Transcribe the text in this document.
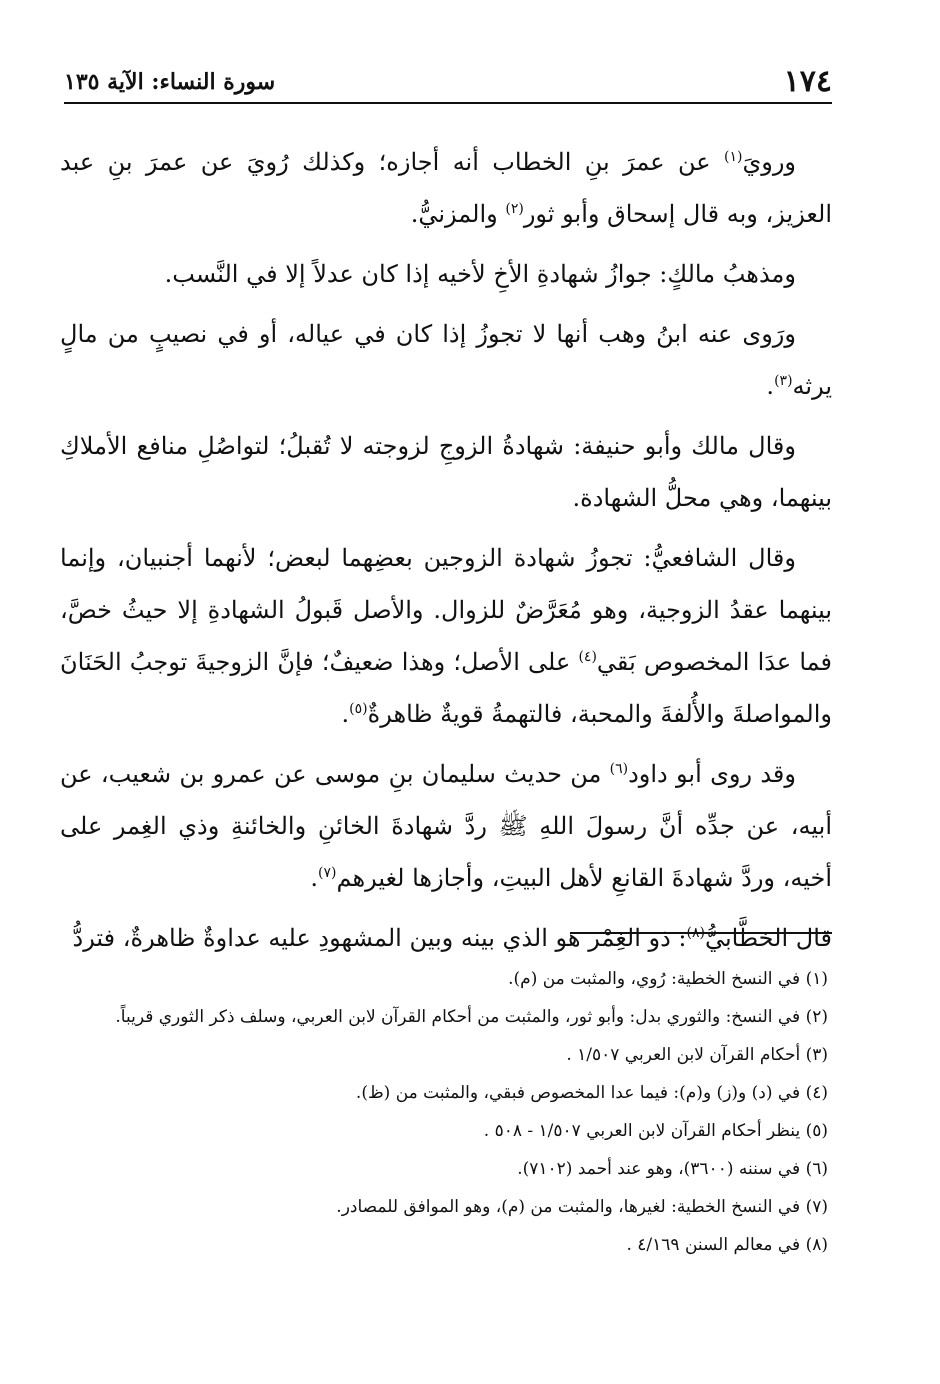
١٧٤
سورة النساء: الآية ١٣٥

ورويَ$^{(١)}$ عن عمرَ بنِ الخطاب أنه أجازه؛ وكذلك رُويَ عن عمرَ بنِ عبد العزيز، وبه قال إسحاق وأبو ثور$^{(٢)}$ والمزنيُّ.

ومذهبُ مالكٍ: جوازُ شهادةِ الأخِ لأخيه إذا كان عدلاً إلا في النَّسب.

ورَوى عنه ابنُ وهب أنها لا تجوزُ إذا كان في عياله، أو في نصيبٍ من مالٍ يرثه$^{(٣)}$.

وقال مالك وأبو حنيفة: شهادةُ الزوجِ لزوجته لا تُقبلُ؛ لتواصُلِ منافع الأملاكِ بينهما، وهي محلُّ الشهادة.

وقال الشافعيُّ: تجوزُ شهادة الزوجين بعضِهما لبعض؛ لأنهما أجنبيان، وإنما بينهما عقدُ الزوجية، وهو مُعَرَّضٌ للزوال. والأصل قَبولُ الشهادةِ إلا حيثُ خصَّ، فما عدَا المخصوص بَقي$^{(٤)}$ على الأصل؛ وهذا ضعيفٌ؛ فإنَّ الزوجيةَ توجبُ الحَنَانَ والمواصلةَ والأُلفةَ والمحبة، فالتهمةُ قويةٌ ظاهرةٌ$^{(٥)}$.

وقد روى أبو داود$^{(٦)}$ من حديث سليمان بنِ موسى عن عمرو بن شعيب، عن أبيه، عن جدِّه أنَّ رسولَ اللهِ ﷺ ردَّ شهادةَ الخائنِ والخائنةِ وذي الغِمر على أخيه، وردَّ شهادةَ القانعِ لأهل البيتِ، وأجازها لغيرهم$^{(٧)}$.

قال الخطَّابيُّ$^{(٨)}$: ذو الغِمْر هو الذي بينه وبين المشهودِ عليه عداوةٌ ظاهرةٌ، فتردُّ

(١) في النسخ الخطية: رُوي، والمثبت من (م).

(٢) في النسخ: والثوري بدل: وأبو ثور، والمثبت من أحكام القرآن لابن العربي، وسلف ذكر الثوري قريباً.

(٣) أحكام القرآن لابن العربي ١/٥٠٧ .

(٤) في (د) و(ز) و(م): فيما عدا المخصوص فبقي، والمثبت من (ظ).

(٥) ينظر أحكام القرآن لابن العربي ١/٥٠٧ - ٥٠٨ .

(٦) في سننه (٣٦٠٠)، وهو عند أحمد (٧١٠٢).

(٧) في النسخ الخطية: لغيرها، والمثبت من (م)، وهو الموافق للمصادر.

(٨) في معالم السنن ٤/١٦٩ .
